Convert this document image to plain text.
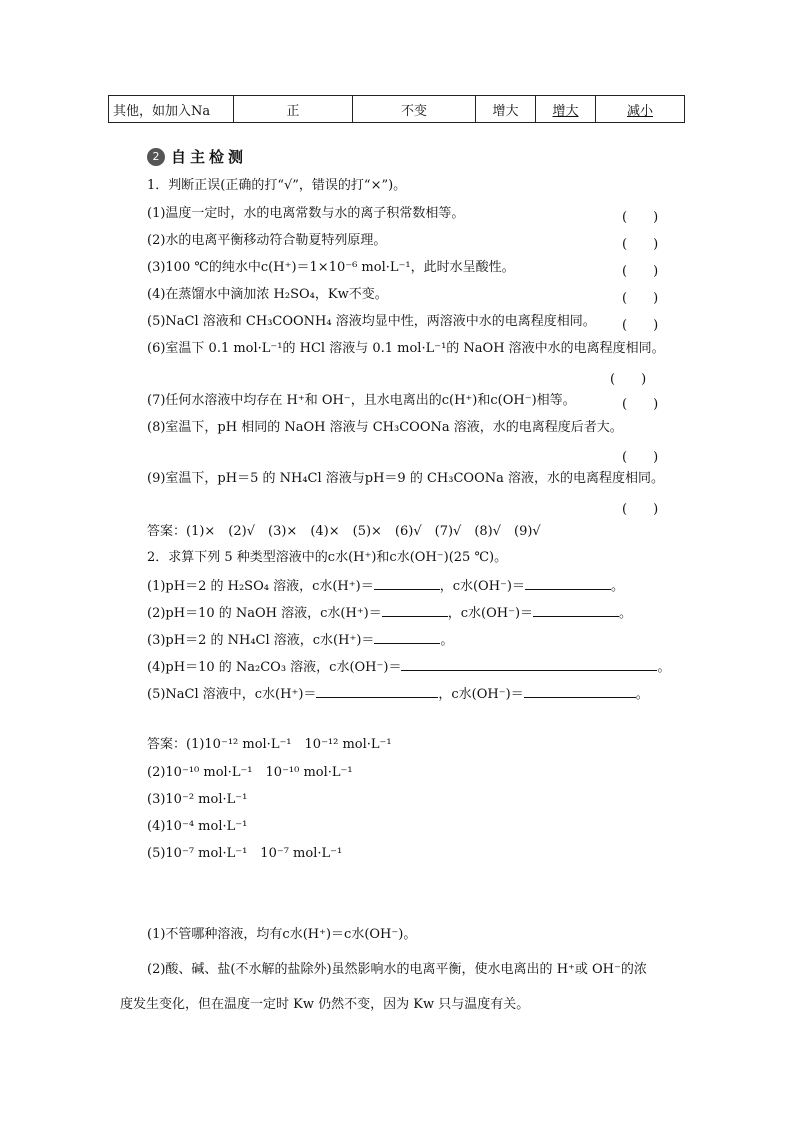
其他，如加入Na	正	不变	增大	增大	减小
2 自主检测
1．判断正误(正确的打“√”，错误的打“×”)。
(1)温度一定时，水的电离常数与水的离子积常数相等。	(　　)
(2)水的电离平衡移动符合勒夏特列原理。	(　　)
(3)100 ℃的纯水中c(H⁺)＝1×10⁻⁶ mol·L⁻¹，此时水呈酸性。	(　　)
(4)在蒸馏水中滴加浓 H₂SO₄，Kw不变。	(　　)
(5)NaCl 溶液和 CH₃COONH₄ 溶液均显中性，两溶液中水的电离程度相同。 (　　)
(6)室温下 0.1 mol·L⁻¹的 HCl 溶液与 0.1 mol·L⁻¹的 NaOH 溶液中水的电离程度相同。
(　　)
(7)任何水溶液中均存在 H⁺和 OH⁻，且水电离出的c(H⁺)和c(OH⁻)相等。	(　　)
(8)室温下，pH 相同的 NaOH 溶液与 CH₃COONa 溶液，水的电离程度后者大。
(　　)
(9)室温下，pH＝5 的 NH₄Cl 溶液与pH＝9 的 CH₃COONa 溶液，水的电离程度相同。
(　　)
答案：(1)×　(2)√　(3)×　(4)×　(5)×　(6)√　(7)√　(8)√　(9)√
2．求算下列 5 种类型溶液中的c水(H⁺)和c水(OH⁻)(25 ℃)。
(1)pH＝2 的 H₂SO₄ 溶液，c水(H⁺)＝	，c水(OH⁻)＝	。
(2)pH＝10 的 NaOH 溶液，c水(H⁺)＝	，c水(OH⁻)＝	。
(3)pH＝2 的 NH₄Cl 溶液，c水(H⁺)＝	。
(4)pH＝10 的 Na₂CO₃ 溶液，c水(OH⁻)＝	。
(5)NaCl 溶液中，c水(H⁺)＝	，c水(OH⁻)＝	。
答案：(1)10⁻¹² mol·L⁻¹　10⁻¹² mol·L⁻¹
(2)10⁻¹⁰ mol·L⁻¹　10⁻¹⁰ mol·L⁻¹
(3)10⁻² mol·L⁻¹
(4)10⁻⁴ mol·L⁻¹
(5)10⁻⁷ mol·L⁻¹　10⁻⁷ mol·L⁻¹
(1)不管哪种溶液，均有c水(H⁺)＝c水(OH⁻)。
(2)酸、碱、盐(不水解的盐除外)虽然影响水的电离平衡，使水电离出的 H⁺或 OH⁻的浓
度发生变化，但在温度一定时 Kw 仍然不变，因为 Kw 只与温度有关。
